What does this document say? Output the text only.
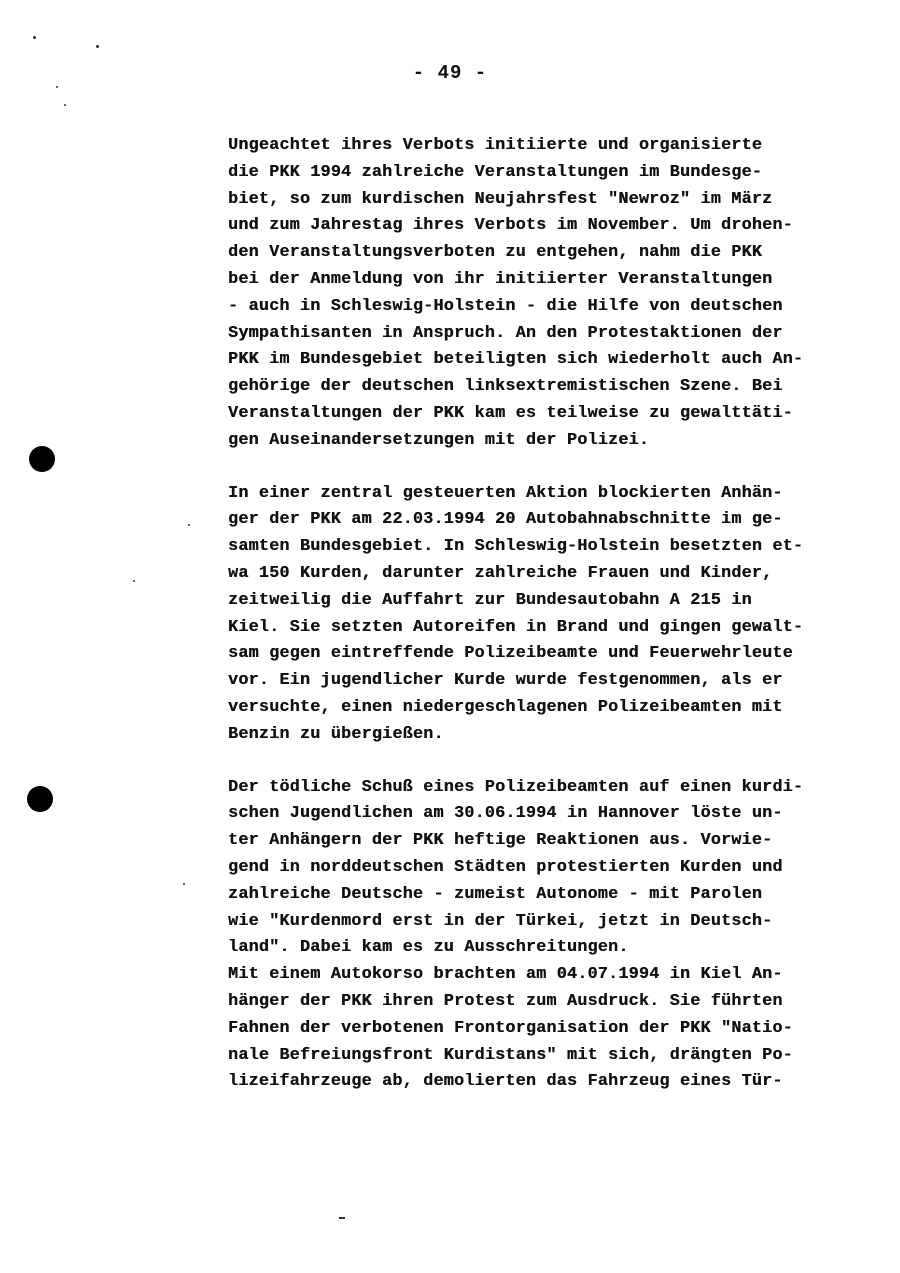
- 49 -
Ungeachtet ihres Verbots initiierte und organisierte
die PKK 1994 zahlreiche Veranstaltungen im Bundesge-
biet, so zum kurdischen Neujahrsfest "Newroz" im März
und zum Jahrestag ihres Verbots im November. Um drohen-
den Veranstaltungsverboten zu entgehen, nahm die PKK
bei der Anmeldung von ihr initiierter Veranstaltungen
- auch in Schleswig-Holstein - die Hilfe von deutschen
Sympathisanten in Anspruch. An den Protestaktionen der
PKK im Bundesgebiet beteiligten sich wiederholt auch An-
gehörige der deutschen linksextremistischen Szene. Bei
Veranstaltungen der PKK kam es teilweise zu gewalttäti-
gen Auseinandersetzungen mit der Polizei.
In einer zentral gesteuerten Aktion blockierten Anhän-
ger der PKK am 22.03.1994 20 Autobahnabschnitte im ge-
samten Bundesgebiet. In Schleswig-Holstein besetzten et-
wa 150 Kurden, darunter zahlreiche Frauen und Kinder,
zeitweilig die Auffahrt zur Bundesautobahn A 215 in
Kiel. Sie setzten Autoreifen in Brand und gingen gewalt-
sam gegen eintreffende Polizeibeamte und Feuerwehrleute
vor. Ein jugendlicher Kurde wurde festgenommen, als er
versuchte, einen niedergeschlagenen Polizeibeamten mit
Benzin zu übergießen.
Der tödliche Schuß eines Polizeibeamten auf einen kurdi-
schen Jugendlichen am 30.06.1994 in Hannover löste un-
ter Anhängern der PKK heftige Reaktionen aus. Vorwie-
gend in norddeutschen Städten protestierten Kurden und
zahlreiche Deutsche - zumeist Autonome - mit Parolen
wie "Kurdenmord erst in der Türkei, jetzt in Deutsch-
land". Dabei kam es zu Ausschreitungen.
Mit einem Autokorso brachten am 04.07.1994 in Kiel An-
hänger der PKK ihren Protest zum Ausdruck. Sie führten
Fahnen der verbotenen Frontorganisation der PKK "Natio-
nale Befreiungsfront Kurdistans" mit sich, drängten Po-
lizeifahrzeuge ab, demolierten das Fahrzeug eines Tür-
